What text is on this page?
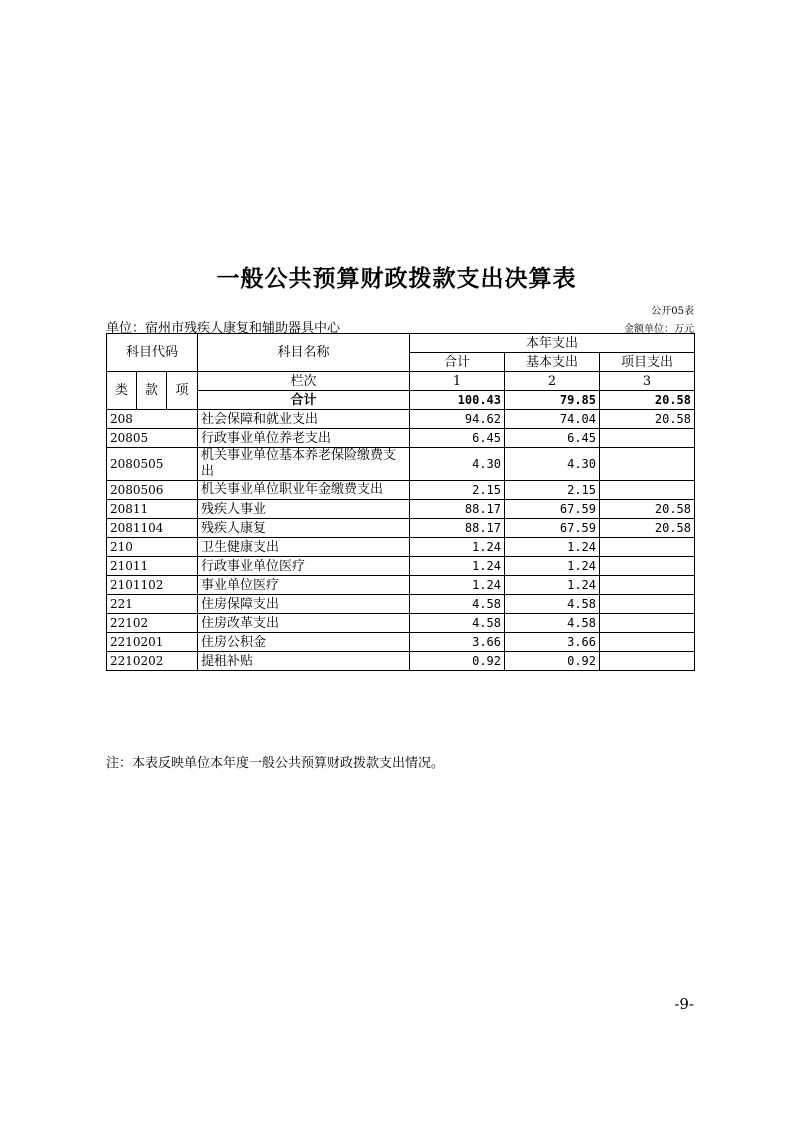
一般公共预算财政拨款支出决算表
公开05表
单位：宿州市残疾人康复和辅助器具中心	金额单位：万元
科目代码			科目名称	本年支出		
				合计	基本支出	项目支出
类	款	项	栏次	1	2	3
			合计	100.43	79.85	20.58
208			社会保障和就业支出	94.62	74.04	20.58
20805			行政事业单位养老支出	6.45	6.45	
2080505			机关事业单位基本养老保险缴费支出	4.30	4.30	
2080506			机关事业单位职业年金缴费支出	2.15	2.15	
20811			残疾人事业	88.17	67.59	20.58
2081104			残疾人康复	88.17	67.59	20.58
210			卫生健康支出	1.24	1.24	
21011			行政事业单位医疗	1.24	1.24	
2101102			事业单位医疗	1.24	1.24	
221			住房保障支出	4.58	4.58	
22102			住房改革支出	4.58	4.58	
2210201			住房公积金	3.66	3.66	
2210202			提租补贴	0.92	0.92	
注：本表反映单位本年度一般公共预算财政拨款支出情况。
-9-
